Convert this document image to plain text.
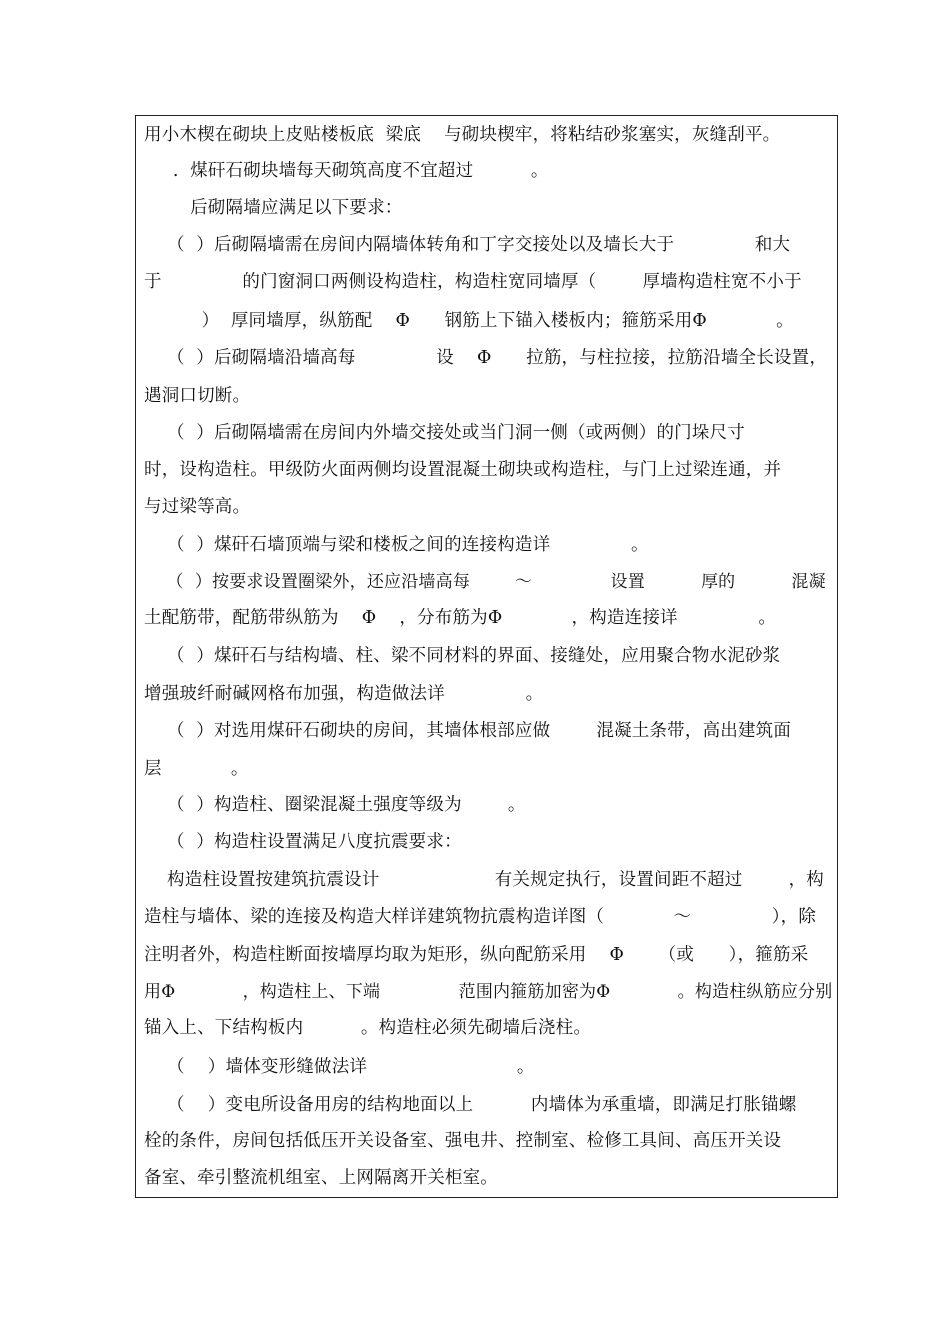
用小木楔在砌块上皮贴楼板底  梁底    与砌块楔牢，将粘结砂浆塞实，灰缝刮平。
.  煤矸石砌块墙每天砌筑高度不宜超过          。
后砌隔墙应满足以下要求：
（  ）后砌隔墙需在房间内隔墙体转角和丁字交接处以及墙长大于              和大
于              的门窗洞口两侧设构造柱，构造柱宽同墙厚（        厚墙构造柱宽不小于
）  厚同墙厚，纵筋配    Φ      钢筋上下锚入楼板内；箍筋采用Φ            。
（  ）后砌隔墙沿墙高每              设    Φ      拉筋，与柱拉接，拉筋沿墙全长设置，
遇洞口切断。
（  ）后砌隔墙需在房间内外墙交接处或当门洞一侧（或两侧）的门垛尺寸
时，设构造柱。甲级防火面两侧均设置混凝土砌块或构造柱，与门上过梁连通，并
与过梁等高。
（  ）煤矸石墙顶端与梁和楼板之间的连接构造详              。
（  ）按要求设置圈梁外，还应沿墙高每        ～              设置          厚的          混凝
土配筋带，配筋带纵筋为    Φ    ，分布筋为Φ            ，构造连接详              。
（  ）煤矸石与结构墙、柱、梁不同材料的界面、接缝处，应用聚合物水泥砂浆
增强玻纤耐碱网格布加强，构造做法详              。
（  ）对选用煤矸石砌块的房间，其墙体根部应做        混凝土条带，高出建筑面
层            。
（  ）构造柱、圈梁混凝土强度等级为        。
（  ）构造柱设置满足八度抗震要求：
构造柱设置按建筑抗震设计                    有关规定执行，设置间距不超过        ，构
造柱与墙体、梁的连接及构造大样详建筑物抗震构造详图（            ～              ），除
注明者外，构造柱断面按墙厚均取为矩形，纵向配筋采用    Φ      （或      ），箍筋采
用Φ            ，构造柱上、下端              范围内箍筋加密为Φ            。构造柱纵筋应分别
锚入上、下结构板内          。构造柱必须先砌墙后浇柱。
（    ）墙体变形缝做法详                          。
（    ）变电所设备用房的结构地面以上          内墙体为承重墙，即满足打胀锚螺
栓的条件，房间包括低压开关设备室、强电井、控制室、检修工具间、高压开关设
备室、牵引整流机组室、上网隔离开关柜室。
